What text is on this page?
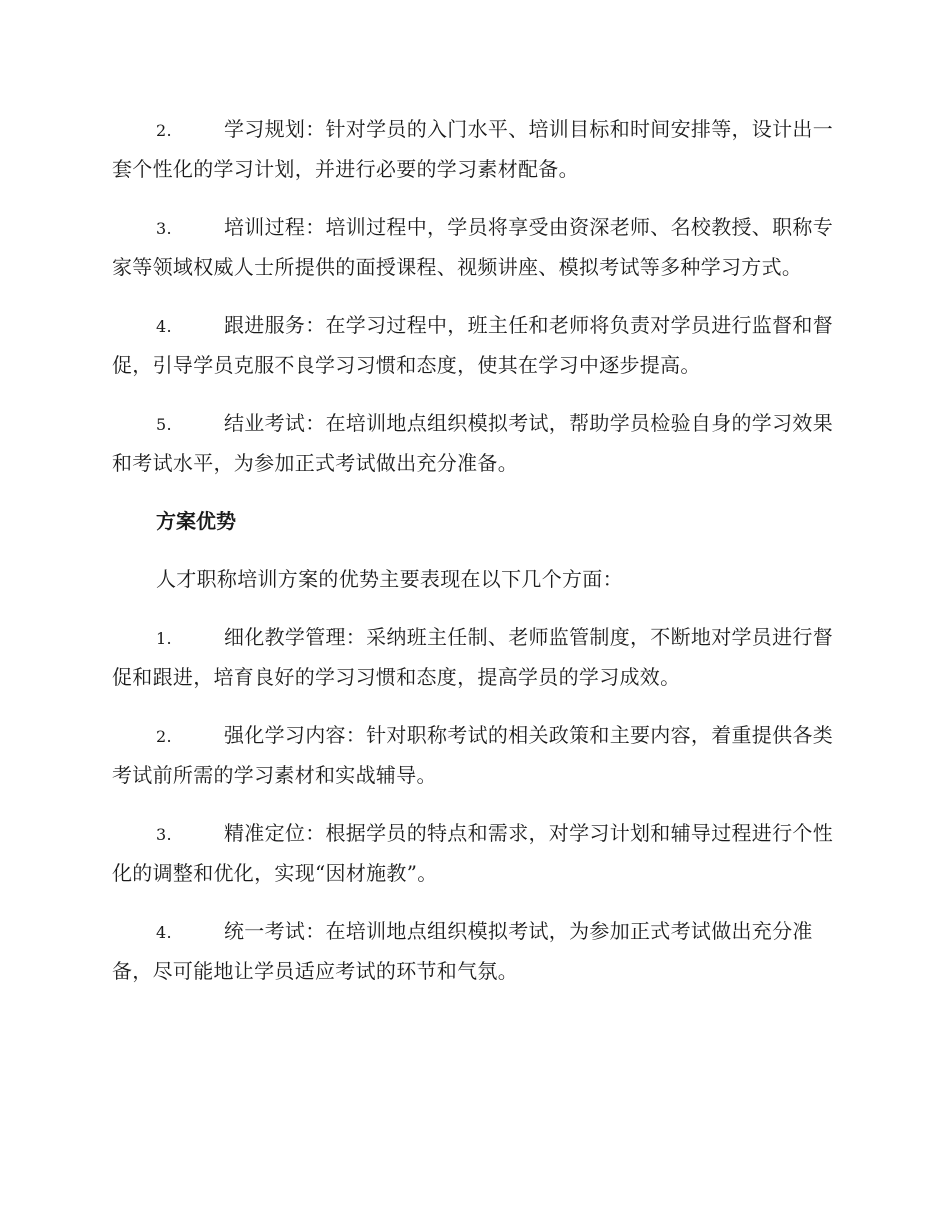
2.	学习规划：针对学员的入门水平、培训目标和时间安排等，设计出一套个性化的学习计划，并进行必要的学习素材配备。

3.	培训过程：培训过程中，学员将享受由资深老师、名校教授、职称专家等领域权威人士所提供的面授课程、视频讲座、模拟考试等多种学习方式。

4.	跟进服务：在学习过程中，班主任和老师将负责对学员进行监督和督促，引导学员克服不良学习习惯和态度，使其在学习中逐步提高。

5.	结业考试：在培训地点组织模拟考试，帮助学员检验自身的学习效果和考试水平，为参加正式考试做出充分准备。

方案优势

人才职称培训方案的优势主要表现在以下几个方面：

1.	细化教学管理：采纳班主任制、老师监管制度，不断地对学员进行督促和跟进，培育良好的学习习惯和态度，提高学员的学习成效。

2.	强化学习内容：针对职称考试的相关政策和主要内容，着重提供各类考试前所需的学习素材和实战辅导。

3.	精准定位：根据学员的特点和需求，对学习计划和辅导过程进行个性化的调整和优化，实现“因材施教”。

4.	统一考试：在培训地点组织模拟考试，为参加正式考试做出充分准备，尽可能地让学员适应考试的环节和气氛。
